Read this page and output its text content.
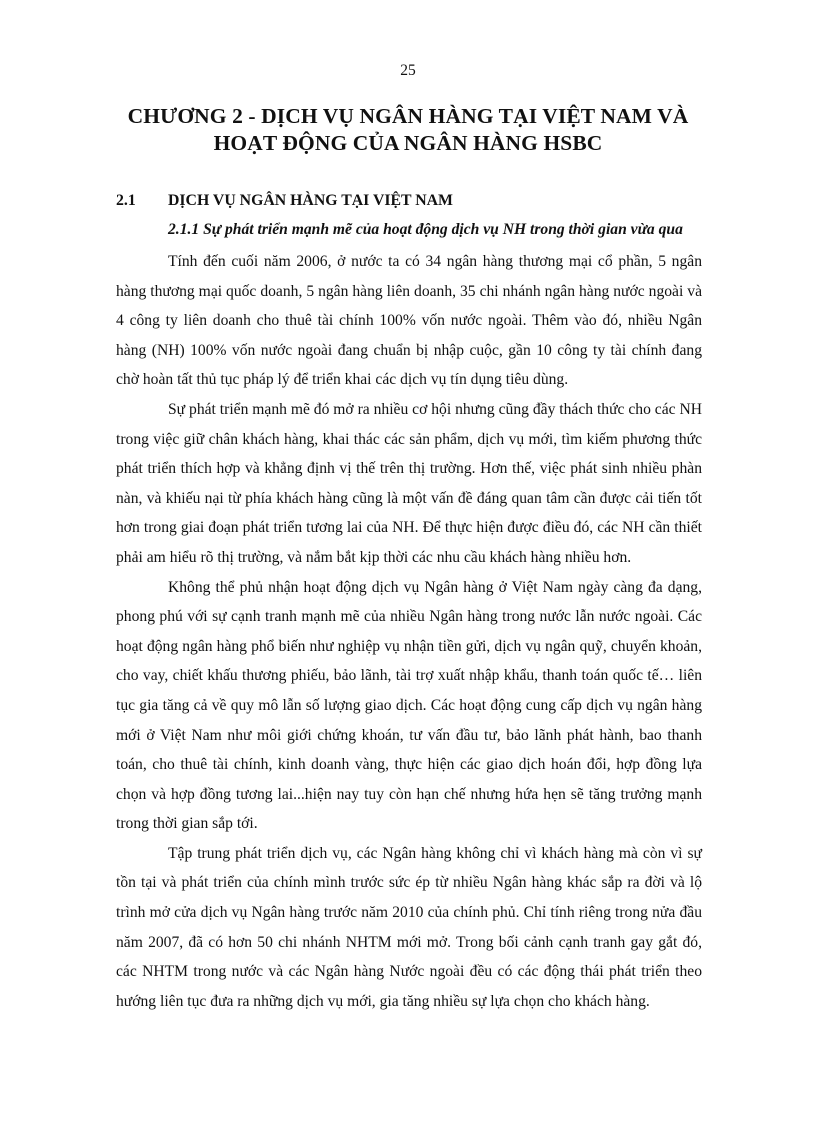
25
CHƯƠNG 2 - DỊCH VỤ NGÂN HÀNG TẠI VIỆT NAM VÀ
HOẠT ĐỘNG CỦA NGÂN HÀNG HSBC
2.1 DỊCH VỤ NGÂN HÀNG TẠI VIỆT NAM
2.1.1 Sự phát triển mạnh mẽ của hoạt động dịch vụ NH trong thời gian vừa qua

Tính đến cuối năm 2006, ở nước ta có 34 ngân hàng thương mại cổ phần, 5 ngân hàng thương mại quốc doanh, 5 ngân hàng liên doanh, 35 chi nhánh ngân hàng nước ngoài và 4 công ty liên doanh cho thuê tài chính 100% vốn nước ngoài. Thêm vào đó, nhiều Ngân hàng (NH) 100% vốn nước ngoài đang chuẩn bị nhập cuộc, gần 10 công ty tài chính đang chờ hoàn tất thủ tục pháp lý để triển khai các dịch vụ tín dụng tiêu dùng.

Sự phát triển mạnh mẽ đó mở ra nhiều cơ hội nhưng cũng đầy thách thức cho các NH trong việc giữ chân khách hàng, khai thác các sản phẩm, dịch vụ mới, tìm kiếm phương thức phát triển thích hợp và khẳng định vị thế trên thị trường. Hơn thế, việc phát sinh nhiều phàn nàn, và khiếu nại từ phía khách hàng cũng là một vấn đề đáng quan tâm cần được cải tiến tốt hơn trong giai đoạn phát triển tương lai của NH. Để thực hiện được điều đó, các NH cần thiết phải am hiểu rõ thị trường, và nắm bắt kịp thời các nhu cầu khách hàng nhiều hơn.

Không thể phủ nhận hoạt động dịch vụ Ngân hàng ở Việt Nam ngày càng đa dạng, phong phú với sự cạnh tranh mạnh mẽ của nhiều Ngân hàng trong nước lẫn nước ngoài. Các hoạt động ngân hàng phổ biến như nghiệp vụ nhận tiền gửi, dịch vụ ngân quỹ, chuyển khoản, cho vay, chiết khấu thương phiếu, bảo lãnh, tài trợ xuất nhập khẩu, thanh toán quốc tế… liên tục gia tăng cả về quy mô lẫn số lượng giao dịch. Các hoạt động cung cấp dịch vụ ngân hàng mới ở Việt Nam như môi giới chứng khoán, tư vấn đầu tư, bảo lãnh phát hành, bao thanh toán, cho thuê tài chính, kinh doanh vàng, thực hiện các giao dịch hoán đổi, hợp đồng lựa chọn và hợp đồng tương lai...hiện nay tuy còn hạn chế nhưng hứa hẹn sẽ tăng trưởng mạnh trong thời gian sắp tới.

Tập trung phát triển dịch vụ, các Ngân hàng không chỉ vì khách hàng mà còn vì sự tồn tại và phát triển của chính mình trước sức ép từ nhiều Ngân hàng khác sắp ra đời và lộ trình mở cửa dịch vụ Ngân hàng trước năm 2010 của chính phủ. Chỉ tính riêng trong nửa đầu năm 2007, đã có hơn 50 chi nhánh NHTM mới mở. Trong bối cảnh cạnh tranh gay gắt đó, các NHTM trong nước và các Ngân hàng Nước ngoài đều có các động thái phát triển theo hướng liên tục đưa ra những dịch vụ mới, gia tăng nhiều sự lựa chọn cho khách hàng.
